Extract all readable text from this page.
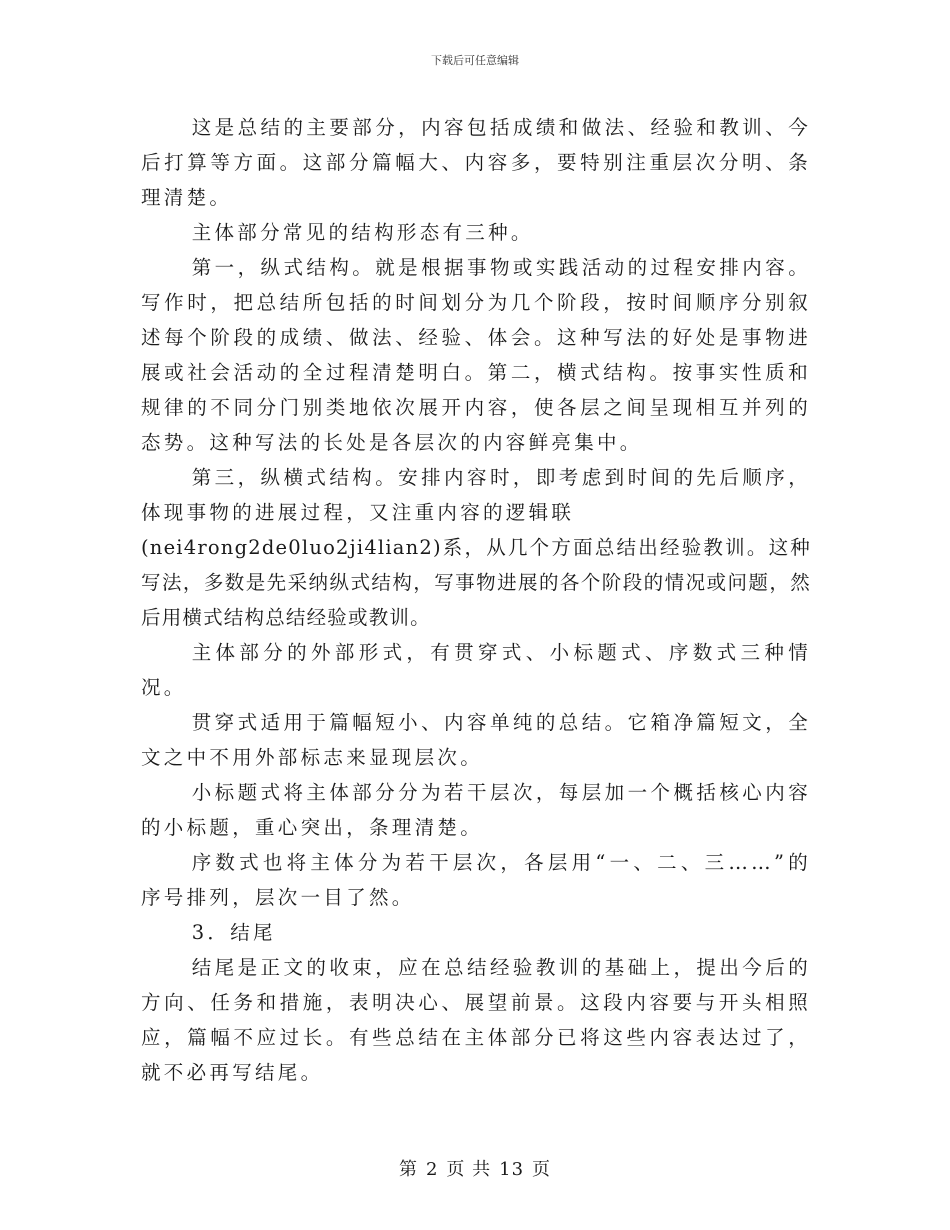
下载后可任意编辑

这是总结的主要部分，内容包括成绩和做法、经验和教训、今后打算等方面。这部分篇幅大、内容多，要特别注重层次分明、条理清楚。

主体部分常见的结构形态有三种。

第一，纵式结构。就是根据事物或实践活动的过程安排内容。写作时，把总结所包括的时间划分为几个阶段，按时间顺序分别叙述每个阶段的成绩、做法、经验、体会。这种写法的好处是事物进展或社会活动的全过程清楚明白。第二，横式结构。按事实性质和规律的不同分门别类地依次展开内容，使各层之间呈现相互并列的态势。这种写法的长处是各层次的内容鲜亮集中。

第三，纵横式结构。安排内容时，即考虑到时间的先后顺序，体现事物的进展过程，又注重内容的逻辑联

(nei4rong2de0luo2ji4lian2)系，从几个方面总结出经验教训。这种写法，多数是先采纳纵式结构，写事物进展的各个阶段的情况或问题，然后用横式结构总结经验或教训。

主体部分的外部形式，有贯穿式、小标题式、序数式三种情况。

贯穿式适用于篇幅短小、内容单纯的总结。它箱净篇短文，全文之中不用外部标志来显现层次。

小标题式将主体部分分为若干层次，每层加一个概括核心内容的小标题，重心突出，条理清楚。

序数式也将主体分为若干层次，各层用“一、二、三……”的序号排列，层次一目了然。

3．结尾

结尾是正文的收束，应在总结经验教训的基础上，提出今后的方向、任务和措施，表明决心、展望前景。这段内容要与开头相照应，篇幅不应过长。有些总结在主体部分已将这些内容表达过了，就不必再写结尾。

第 2 页 共 13 页
